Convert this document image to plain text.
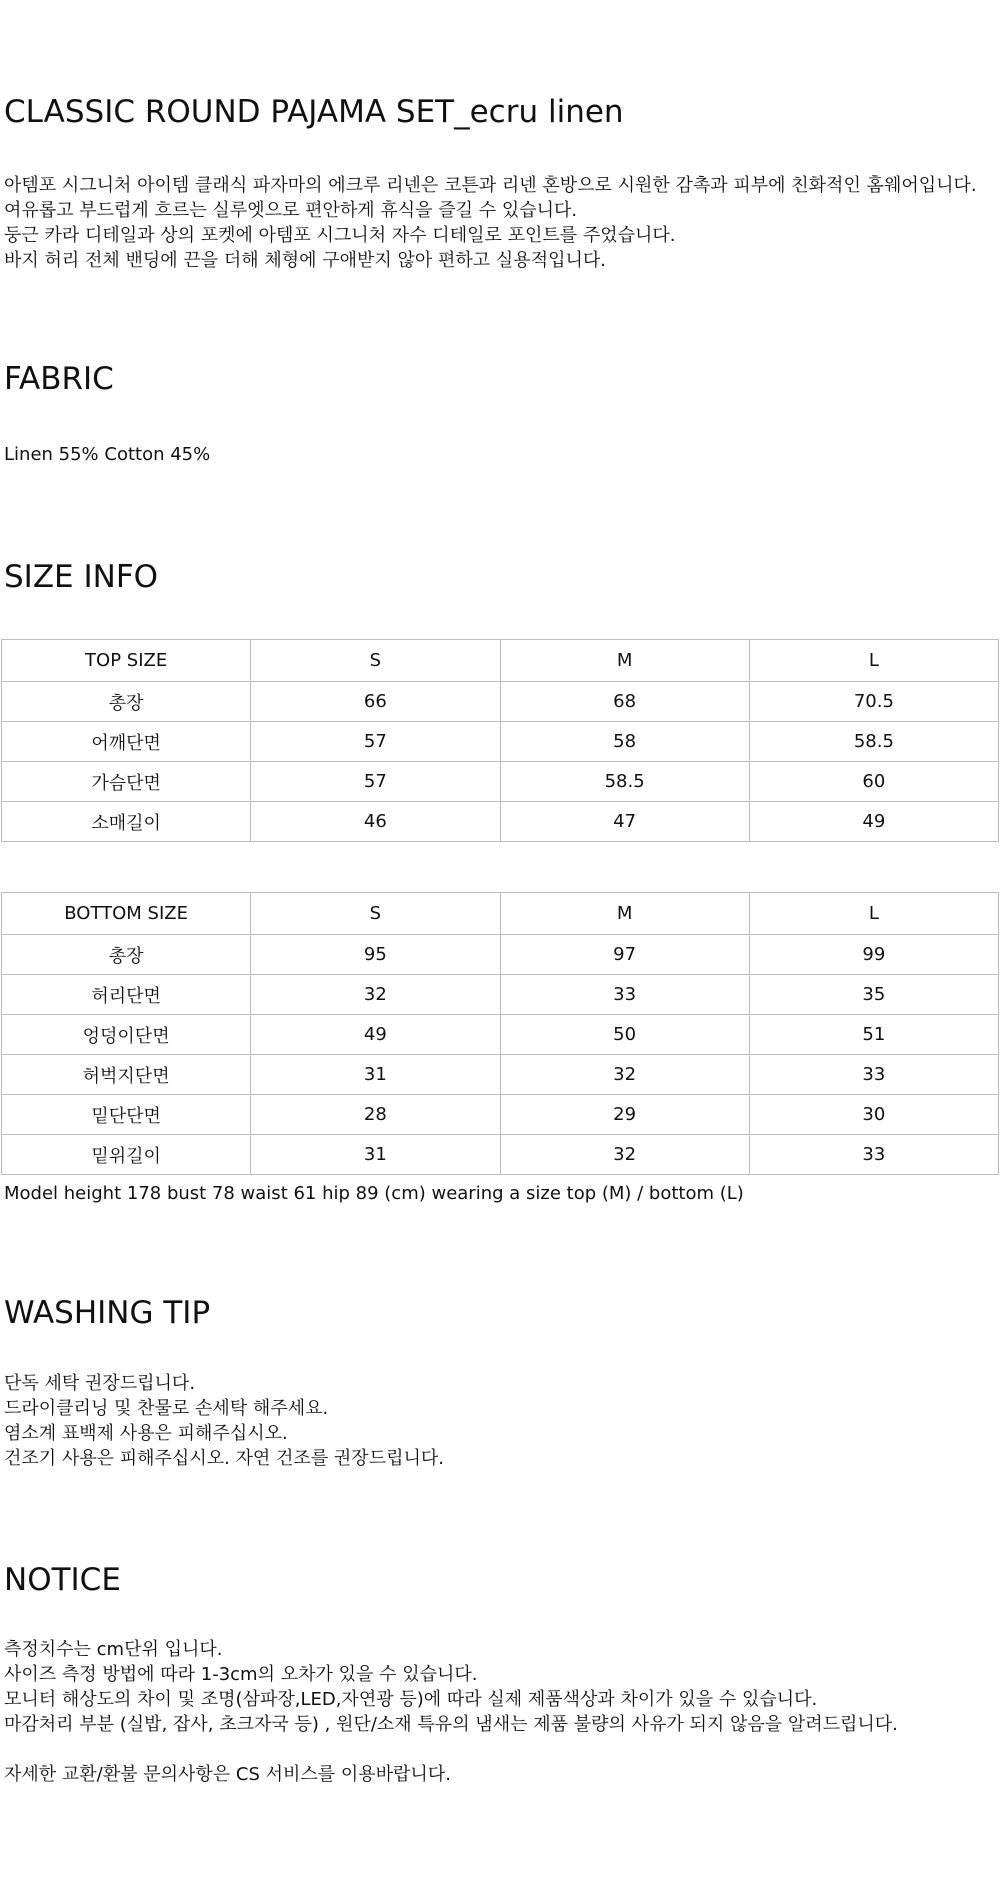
CLASSIC ROUND PAJAMA SET_ecru linen
아템포 시그니처 아이템 클래식 파자마의 에크루 리넨은 코튼과 리넨 혼방으로 시원한 감촉과 피부에 친화적인 홈웨어입니다.
여유롭고 부드럽게 흐르는 실루엣으로 편안하게 휴식을 즐길 수 있습니다.
둥근 카라 디테일과 상의 포켓에 아템포 시그니처 자수 디테일로 포인트를 주었습니다.
바지 허리 전체 밴딩에 끈을 더해 체형에 구애받지 않아 편하고 실용적입니다.
FABRIC
Linen 55% Cotton 45%
SIZE INFO
TOP SIZE	S	M	L
총장	66	68	70.5
어깨단면	57	58	58.5
가슴단면	57	58.5	60
소매길이	46	47	49
BOTTOM SIZE	S	M	L
총장	95	97	99
허리단면	32	33	35
엉덩이단면	49	50	51
허벅지단면	31	32	33
밑단단면	28	29	30
밑위길이	31	32	33
Model height 178 bust 78 waist 61 hip 89 (cm) wearing a size top (M) / bottom (L)
WASHING TIP
단독 세탁 권장드립니다.
드라이클리닝 및 찬물로 손세탁 해주세요.
염소계 표백제 사용은 피해주십시오.
건조기 사용은 피해주십시오. 자연 건조를 권장드립니다.
NOTICE
측정치수는 cm단위 입니다.
사이즈 측정 방법에 따라 1-3cm의 오차가 있을 수 있습니다.
모니터 해상도의 차이 및 조명(삼파장,LED,자연광 등)에 따라 실제 제품색상과 차이가 있을 수 있습니다.
마감처리 부분 (실밥, 잡사, 초크자국 등) , 원단/소재 특유의 냄새는 제품 불량의 사유가 되지 않음을 알려드립니다.
자세한 교환/환불 문의사항은 CS 서비스를 이용바랍니다.
